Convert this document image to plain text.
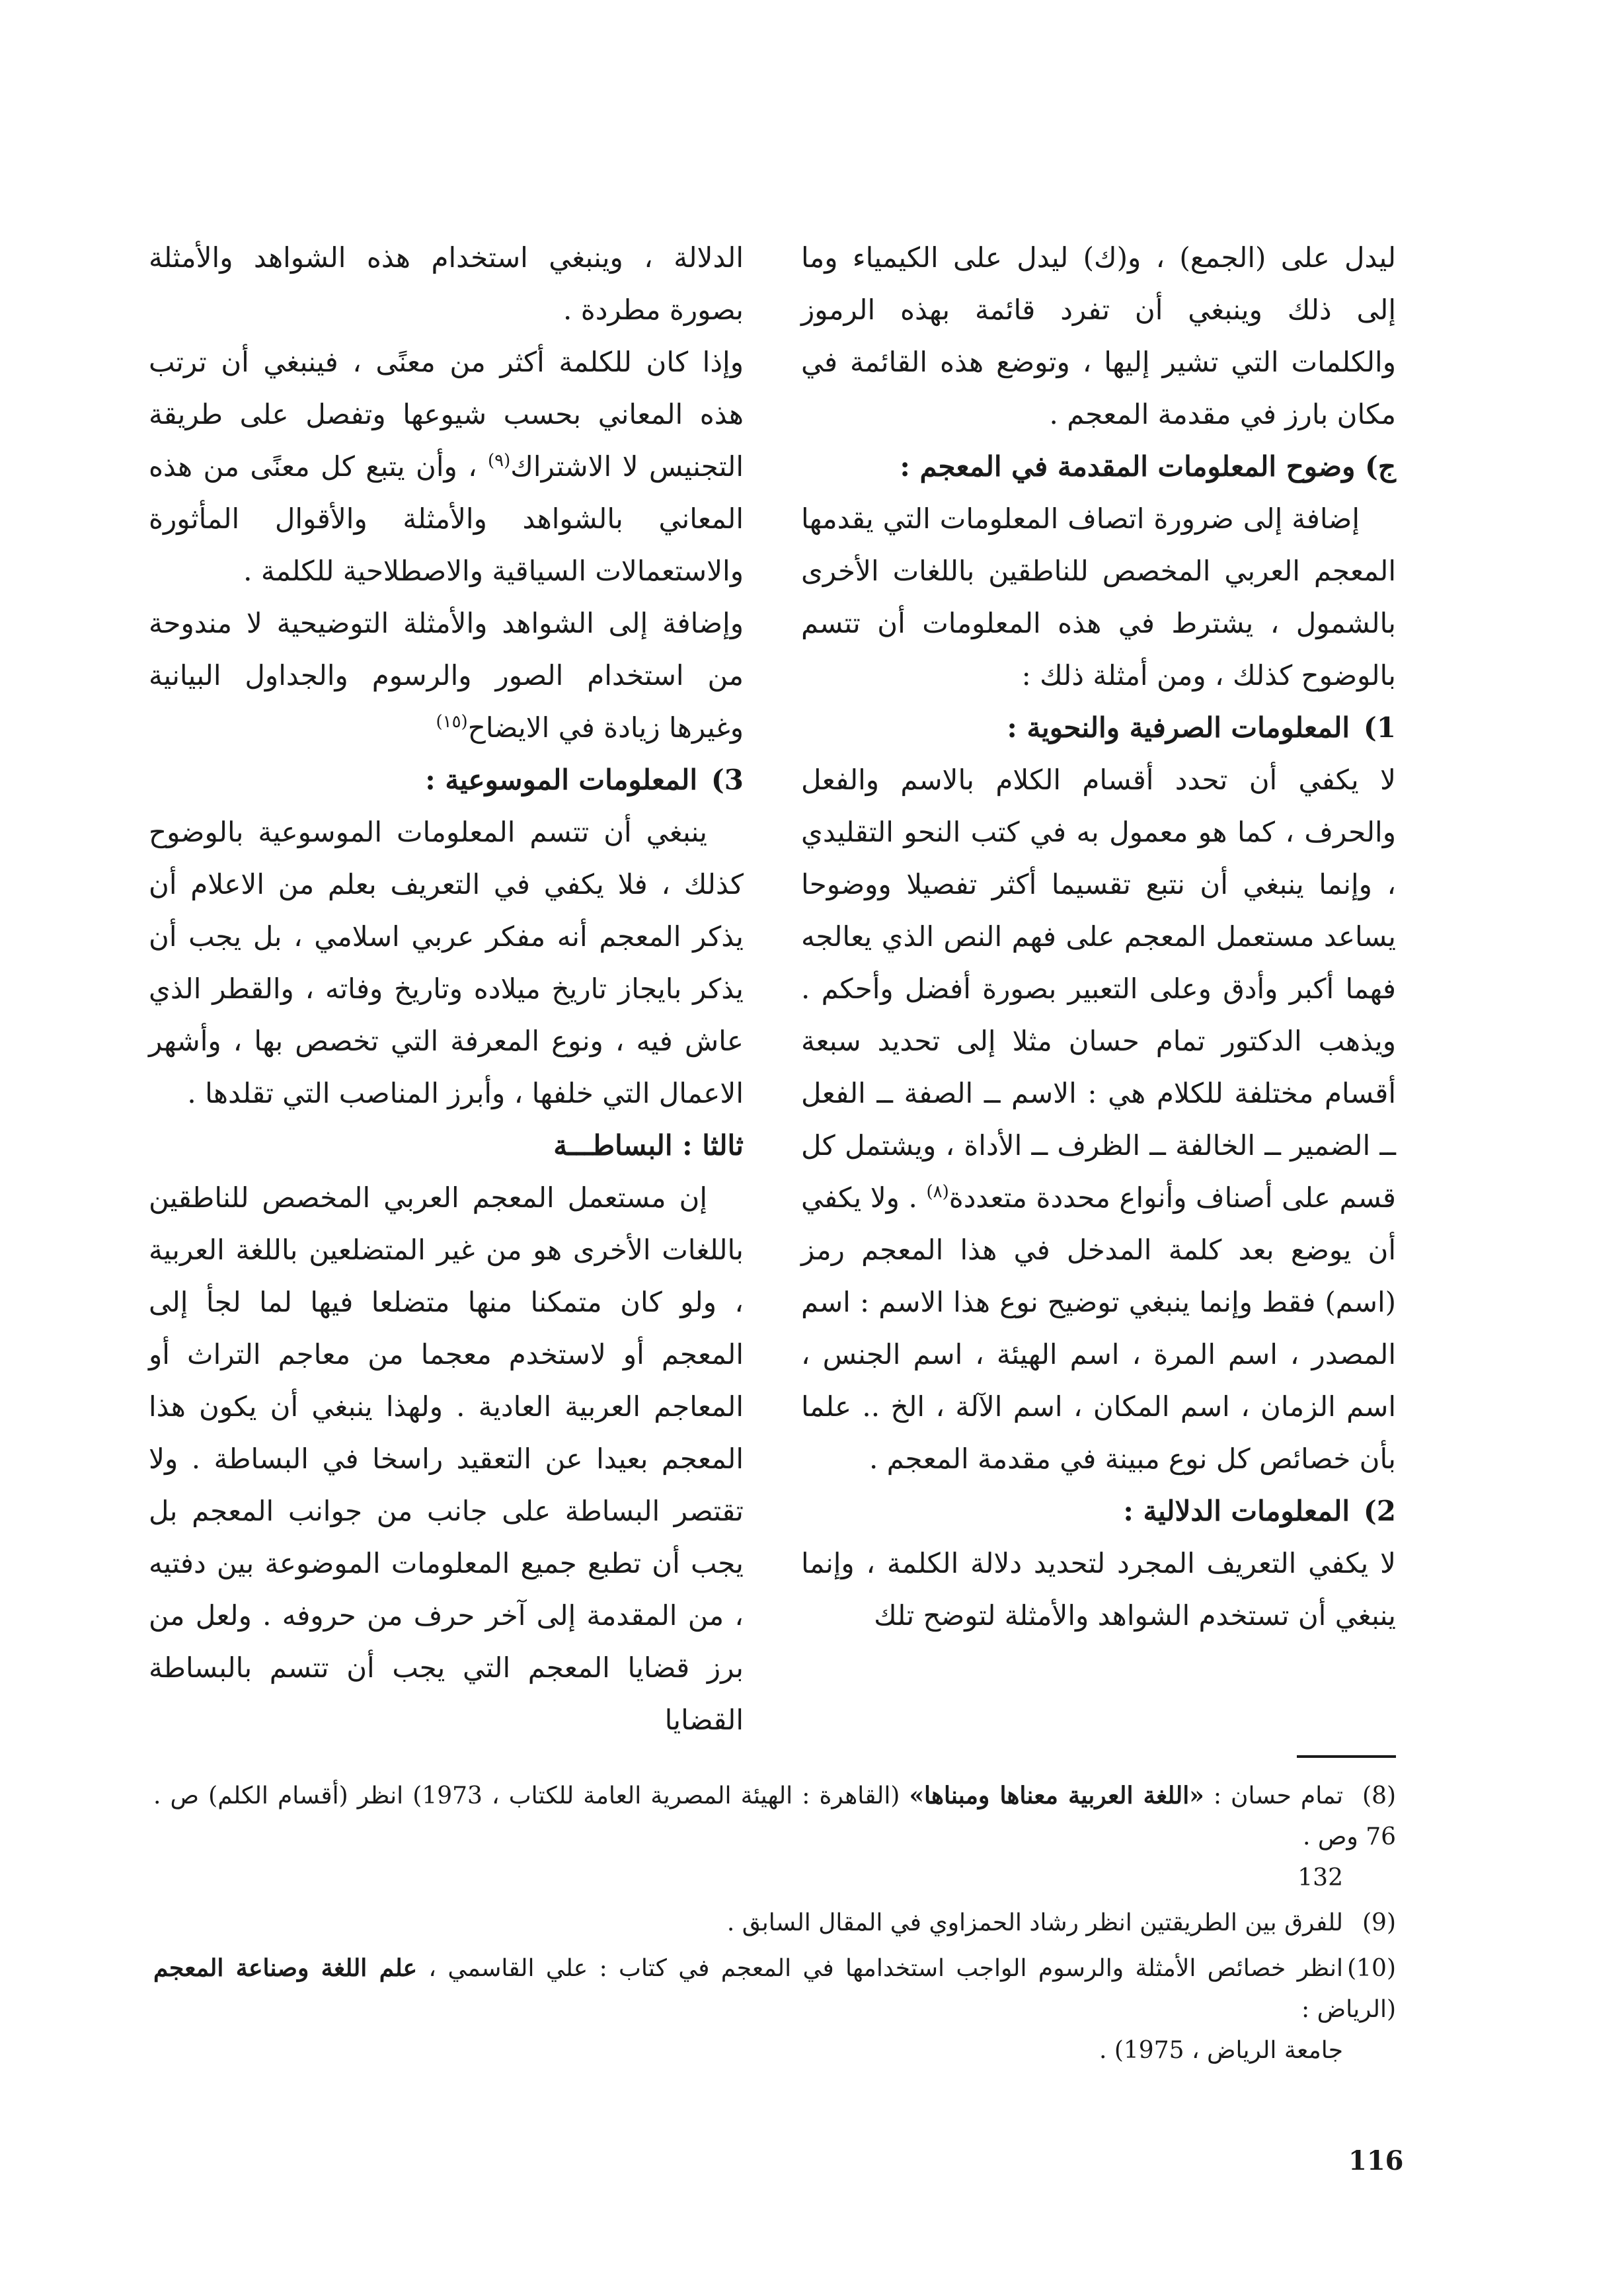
ليدل على (الجمع) ، و(ك) ليدل على الكيمياء وما إلى ذلك وينبغي أن تفرد قائمة بهذه الرموز والكلمات التي تشير إليها ، وتوضع هذه القائمة في مكان بارز في مقدمة المعجم .

ج) وضوح المعلومات المقدمة في المعجم :

إضافة إلى ضرورة اتصاف المعلومات التي يقدمها المعجم العربي المخصص للناطقين باللغات الأخرى بالشمول ، يشترط في هذه المعلومات أن تتسم بالوضوح كذلك ، ومن أمثلة ذلك :

1)المعلومات الصرفية والنحوية :

لا يكفي أن تحدد أقسام الكلام بالاسم والفعل والحرف ، كما هو معمول به في كتب النحو التقليدي ، وإنما ينبغي أن نتبع تقسيما أكثر تفصيلا ووضوحا يساعد مستعمل المعجم على فهم النص الذي يعالجه فهما أكبر وأدق وعلى التعبير بصورة أفضل وأحكم . ويذهب الدكتور تمام حسان مثلا إلى تحديد سبعة أقسام مختلفة للكلام هي : الاسم ــ الصفة ــ الفعل ــ الضمير ــ الخالفة ــ الظرف ــ الأداة ، ويشتمل كل قسم على أصناف وأنواع محددة متعددة$^{(٨)}$ . ولا يكفي أن يوضع بعد كلمة المدخل في هذا المعجم رمز (اسم) فقط وإنما ينبغي توضيح نوع هذا الاسم : اسم المصدر ، اسم المرة ، اسم الهيئة ، اسم الجنس ، اسم الزمان ، اسم المكان ، اسم الآلة ، الخ .. علما بأن خصائص كل نوع مبينة في مقدمة المعجم .

2)المعلومات الدلالية :

لا يكفي التعريف المجرد لتحديد دلالة الكلمة ، وإنما ينبغي أن تستخدم الشواهد والأمثلة لتوضح تلك

الدلالة ، وينبغي استخدام هذه الشواهد والأمثلة بصورة مطردة .

وإذا كان للكلمة أكثر من معنًى ، فينبغي أن ترتب هذه المعاني بحسب شيوعها وتفصل على طريقة التجنيس لا الاشتراك$^{(٩)}$ ، وأن يتبع كل معنًى من هذه المعاني بالشواهد والأمثلة والأقوال المأثورة والاستعمالات السياقية والاصطلاحية للكلمة .

وإضافة إلى الشواهد والأمثلة التوضيحية لا مندوحة من استخدام الصور والرسوم والجداول البيانية وغيرها زيادة في الايضاح$^{(١٥)}$

3)المعلومات الموسوعية :

ينبغي أن تتسم المعلومات الموسوعية بالوضوح كذلك ، فلا يكفي في التعريف بعلم من الاعلام أن يذكر المعجم أنه مفكر عربي اسلامي ، بل يجب أن يذكر بايجاز تاريخ ميلاده وتاريخ وفاته ، والقطر الذي عاش فيه ، ونوع المعرفة التي تخصص بها ، وأشهر الاعمال التي خلفها ، وأبرز المناصب التي تقلدها .

ثالثا : البساطـــة

إن مستعمل المعجم العربي المخصص للناطقين باللغات الأخرى هو من غير المتضلعين باللغة العربية ، ولو كان متمكنا منها متضلعا فيها لما لجأ إلى المعجم أو لاستخدم معجما من معاجم التراث أو المعاجم العربية العادية . ولهذا ينبغي أن يكون هذا المعجم بعيدا عن التعقيد راسخا في البساطة . ولا تقتصر البساطة على جانب من جوانب المعجم بل يجب أن تطبع جميع المعلومات الموضوعة بين دفتيه ، من المقدمة إلى آخر حرف من حروفه . ولعل من برز قضايا المعجم التي يجب أن تتسم بالبساطة القضايا

(8)تمام حسان : «اللغة العربية معناها ومبناها» (القاهرة : الهيئة المصرية العامة للكتاب ، 1973) انظر (أقسام الكلم) ص . 76 وص .
132
(9)للفرق بين الطريقتين انظر رشاد الحمزاوي في المقال السابق .
(10)انظر خصائص الأمثلة والرسوم الواجب استخدامها في المعجم في كتاب : علي القاسمي ، علم اللغة وصناعة المعجم (الرياض :
جامعة الرياض ، 1975) .
116
